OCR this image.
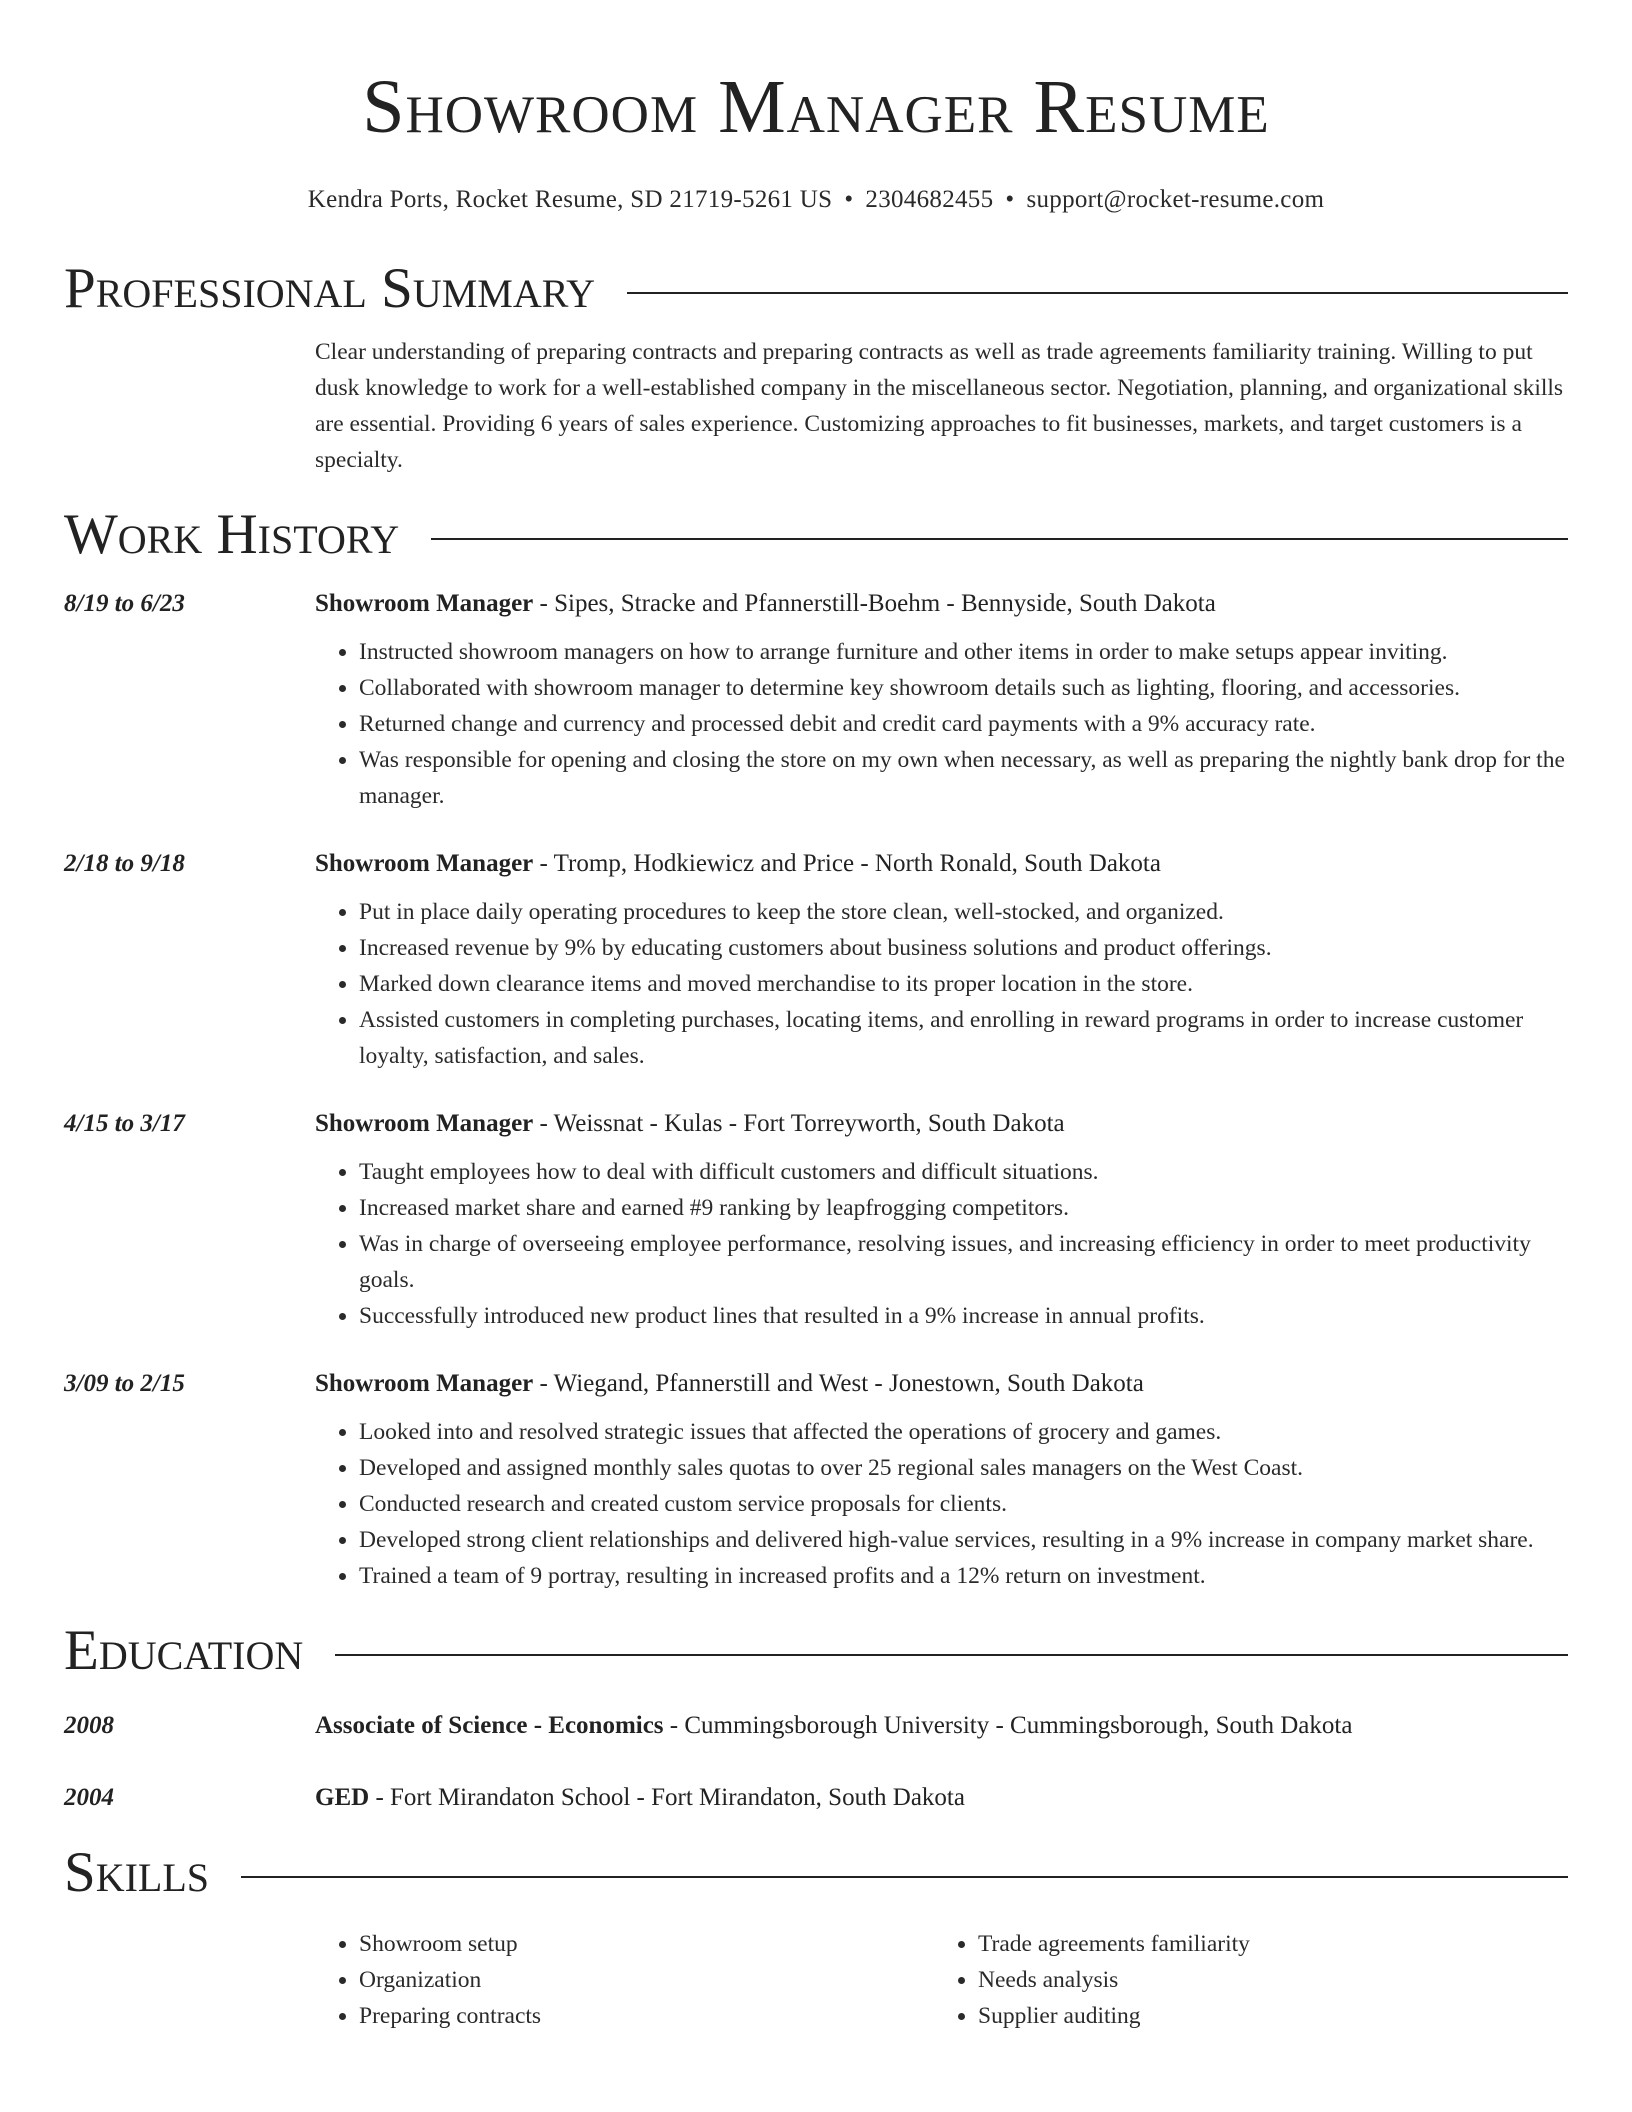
Showroom Manager Resume
Kendra Ports, Rocket Resume, SD 21719-5261 US • 2304682455 • support@rocket-resume.com
Professional Summary
Clear understanding of preparing contracts and preparing contracts as well as trade agreements familiarity training. Willing to put dusk knowledge to work for a well-established company in the miscellaneous sector. Negotiation, planning, and organizational skills are essential. Providing 6 years of sales experience. Customizing approaches to fit businesses, markets, and target customers is a specialty.
Work History
8/19 to 6/23	Showroom Manager - Sipes, Stracke and Pfannerstill-Boehm - Bennyside, South Dakota
• Instructed showroom managers on how to arrange furniture and other items in order to make setups appear inviting.
• Collaborated with showroom manager to determine key showroom details such as lighting, flooring, and accessories.
• Returned change and currency and processed debit and credit card payments with a 9% accuracy rate.
• Was responsible for opening and closing the store on my own when necessary, as well as preparing the nightly bank drop for the manager.
2/18 to 9/18	Showroom Manager - Tromp, Hodkiewicz and Price - North Ronald, South Dakota
• Put in place daily operating procedures to keep the store clean, well-stocked, and organized.
• Increased revenue by 9% by educating customers about business solutions and product offerings.
• Marked down clearance items and moved merchandise to its proper location in the store.
• Assisted customers in completing purchases, locating items, and enrolling in reward programs in order to increase customer loyalty, satisfaction, and sales.
4/15 to 3/17	Showroom Manager - Weissnat - Kulas - Fort Torreyworth, South Dakota
• Taught employees how to deal with difficult customers and difficult situations.
• Increased market share and earned #9 ranking by leapfrogging competitors.
• Was in charge of overseeing employee performance, resolving issues, and increasing efficiency in order to meet productivity goals.
• Successfully introduced new product lines that resulted in a 9% increase in annual profits.
3/09 to 2/15	Showroom Manager - Wiegand, Pfannerstill and West - Jonestown, South Dakota
• Looked into and resolved strategic issues that affected the operations of grocery and games.
• Developed and assigned monthly sales quotas to over 25 regional sales managers on the West Coast.
• Conducted research and created custom service proposals for clients.
• Developed strong client relationships and delivered high-value services, resulting in a 9% increase in company market share.
• Trained a team of 9 portray, resulting in increased profits and a 12% return on investment.
Education
2008	Associate of Science - Economics - Cummingsborough University - Cummingsborough, South Dakota
2004	GED - Fort Mirandaton School - Fort Mirandaton, South Dakota
Skills
• Showroom setup
• Organization
• Preparing contracts
• Trade agreements familiarity
• Needs analysis
• Supplier auditing
